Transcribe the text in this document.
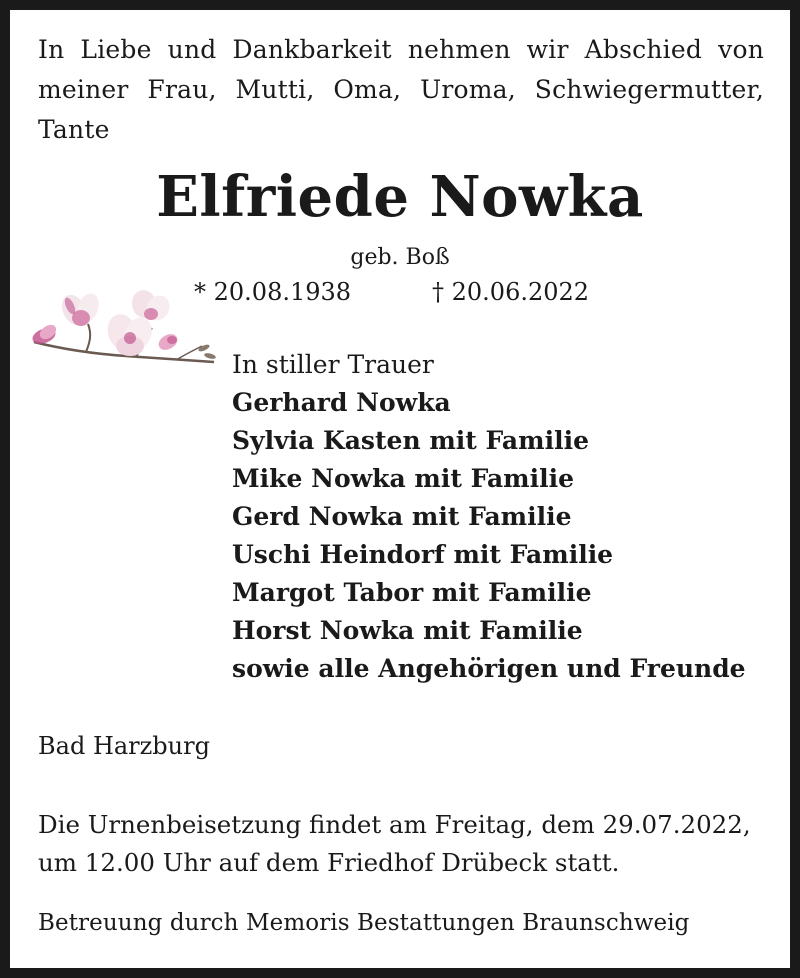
In Liebe und Dankbarkeit nehmen wir Abschied von
meiner Frau, Mutti, Oma, Uroma, Schwiegermutter,
Tante
Elfriede Nowka
geb. Boß
* 20.08.1938	† 20.06.2022
In stiller Trauer
Gerhard Nowka
Sylvia Kasten mit Familie
Mike Nowka mit Familie
Gerd Nowka mit Familie
Uschi Heindorf mit Familie
Margot Tabor mit Familie
Horst Nowka mit Familie
sowie alle Angehörigen und Freunde
Bad Harzburg
Die Urnenbeisetzung findet am Freitag, dem 29.07.2022,
um 12.00 Uhr auf dem Friedhof Drübeck statt.
Betreuung durch Memoris Bestattungen Braunschweig
